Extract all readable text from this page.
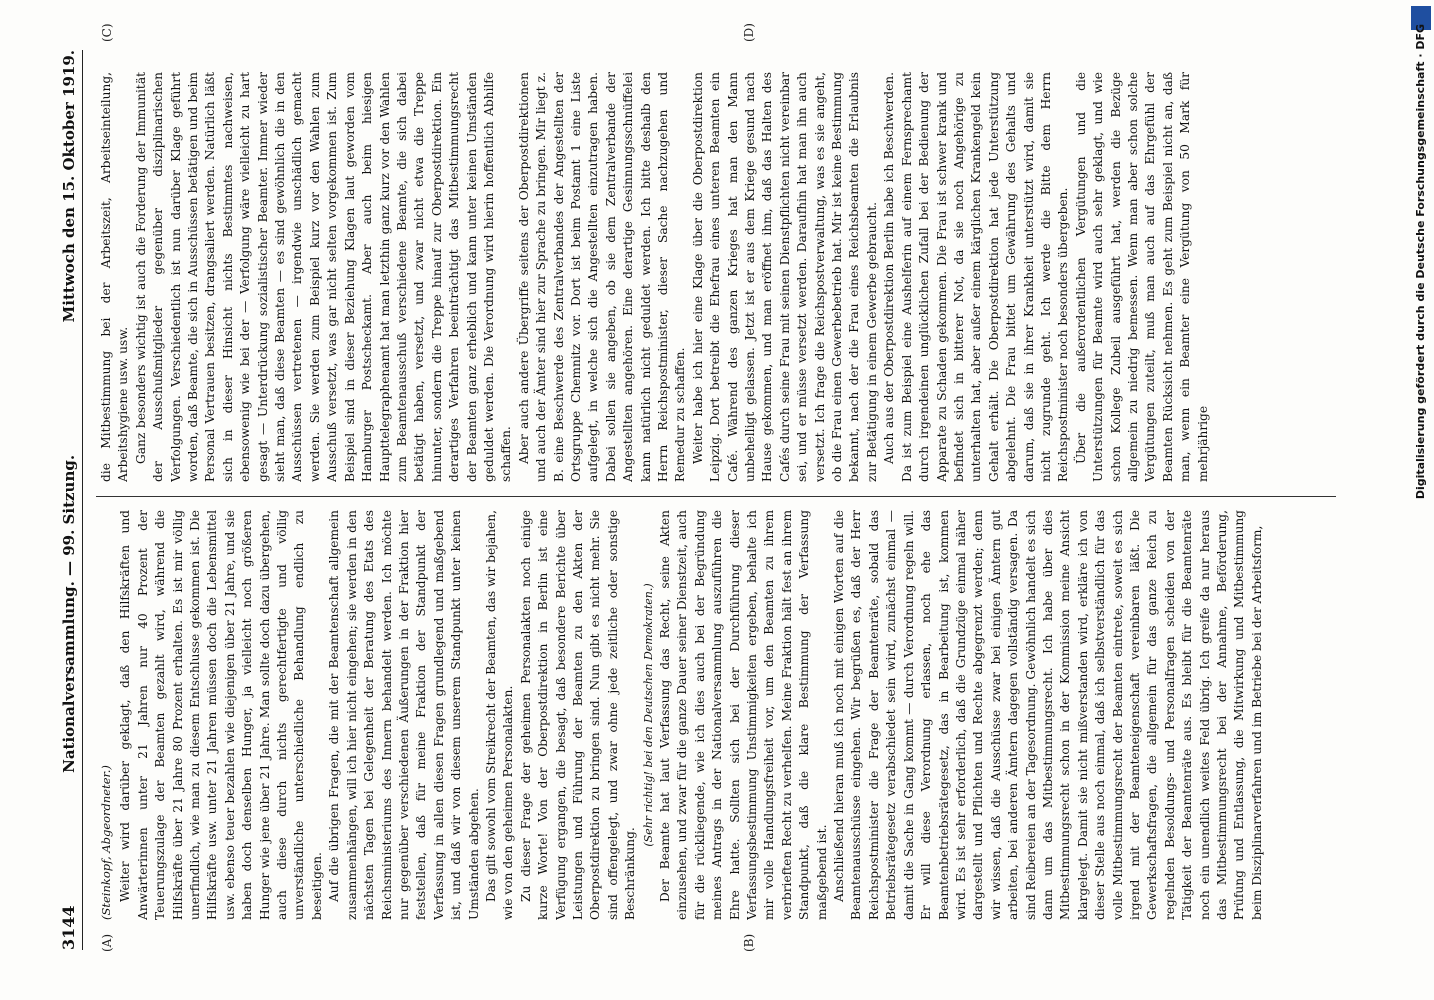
3144
Nationalversammlung. — 99. Sitzung.
Mittwoch den 15. Oktober 1919.
(A)	(B)
(C)	(D)
(Steinkopf, Abgeordneter.) Weiter wird darüber geklagt, daß den Hilfskräften und Anwärterinnen unter 21 Jahren nur 40 Prozent der Teuerungszulage der Beamten gezahlt wird, während die Hilfskräfte über 21 Jahre 80 Prozent erhalten. Es ist mir völlig unerfindlich, wie man zu diesem Entschlusse gekommen ist. Die Hilfskräfte usw. unter 21 Jahren müssen doch die Lebensmittel usw. ebenso teuer bezahlen wie diejenigen über 21 Jahre, und sie haben doch denselben Hunger, ja vielleicht noch größeren Hunger wie jene über 21 Jahre. Man sollte doch dazu übergehen, auch diese durch nichts gerechtfertigte und völlig unverständliche unterschiedliche Behandlung endlich zu beseitigen. Auf die übrigen Fragen, die mit der Beamtenschaft allgemein zusammenhängen, will ich hier nicht eingehen; sie werden in den nächsten Tagen bei Gelegenheit der Beratung des Etats des Reichsministeriums des Innern behandelt werden. Ich möchte nur gegenüber verschiedenen Äußerungen in der Fraktion hier feststellen, daß für meine Fraktion der Standpunkt der Verfassung in allen diesen Fragen grundlegend und maßgebend ist, und daß wir von diesem unserem Standpunkt unter keinen Umständen abgehen. Das gilt sowohl vom Streikrecht der Beamten, das wir bejahen, wie von den geheimen Personalakten. Zu dieser Frage der geheimen Personalakten noch einige kurze Worte! Von der Oberpostdirektion in Berlin ist eine Verfügung ergangen, die besagt, daß besondere Berichte über Leistungen und Führung der Beamten zu den Akten der Oberpostdirektion zu bringen sind. Nun gibt es nicht mehr. Sie sind offengelegt, und zwar ohne jede zeitliche oder sonstige Beschränkung.

(Sehr richtig! bei den Deutschen Demokraten.) Der Beamte hat laut Verfassung das Recht, seine Akten einzusehen, und zwar für die ganze Dauer seiner Dienstzeit, auch für die rückliegende, wie ich dies auch bei der Begründung meines Antrags in der Nationalversammlung auszuführen die Ehre hatte. Sollten sich bei der Durchführung dieser Verfassungsbestimmung Unstimmigkeiten ergeben, behalte ich mir volle Handlungsfreiheit vor, um den Beamten zu ihrem verbrieften Recht zu verhelfen. Meine Fraktion hält fest an ihrem Standpunkt, daß die klare Bestimmung der Verfassung maßgebend ist. Anschließend hieran muß ich noch mit einigen Worten auf die Beamtenausschüsse eingehen. Wir begrüßen es, daß der Herr Reichspostminister die Frage der Beamtenräte, sobald das Betriebsrätegesetz verabschiedet sein wird, zunächst einmal — damit die Sache in Gang kommt — durch Verordnung regeln will. Er will diese Verordnung erlassen, noch ehe das Beamtenbetriebsrätegesetz, das in Bearbeitung ist, kommen wird. Es ist sehr erforderlich, daß die Grundzüge einmal näher dargestellt und Pflichten und Rechte abgegrenzt werden; denn wir wissen, daß die Ausschüsse zwar bei einigen Ämtern gut arbeiten, bei anderen Ämtern dagegen vollständig versagen. Da sind Reibereien an der Tagesordnung. Gewöhnlich handelt es sich dann um das Mitbestimmungsrecht. Ich habe über dies Mitbestimmungsrecht schon in der Kommission meine Ansicht klargelegt. Damit sie nicht mißverstanden wird, erkläre ich von dieser Stelle aus noch einmal, daß ich selbstverständlich für das volle Mitbestimmungsrecht der Beamten eintrete, soweit es sich irgend mit der Beamteneigenschaft vereinbaren läßt. Die Gewerkschaftsfragen, die allgemein für das ganze Reich zu regelnden Besoldungs- und Personalfragen scheiden von der Tätigkeit der Beamtenräte aus. Es bleibt für die Beamtenräte noch ein unendlich weites Feld übrig. Ich greife da nur heraus das Mitbestimmungsrecht bei der Annahme, Beförderung, Prüfung und Entlassung, die Mitwirkung und Mitbestimmung beim Disziplinarverfahren und im Betriebe bei der Arbeitsform,

die Mitbestimmung bei der Arbeitszeit, Arbeitseinteilung, Arbeitshygiene usw. usw. Ganz besonders wichtig ist auch die Forderung der Immunität der Ausschußmitglieder gegenüber disziplinarischen Verfolgungen. Verschiedentlich ist nun darüber Klage geführt worden, daß Beamte, die sich in Ausschüssen betätigen und beim Personal Vertrauen besitzen, drangsaliert werden. Natürlich läßt sich in dieser Hinsicht nichts Bestimmtes nachweisen, ebensowenig wie bei der — Verfolgung wäre vielleicht zu hart gesagt — Unterdrückung sozialistischer Beamter. Immer wieder sieht man, daß diese Beamten — es sind gewöhnlich die in den Ausschüssen vertretenen — irgendwie unschädlich gemacht werden. Sie werden zum Beispiel kurz vor den Wahlen zum Ausschuß versetzt, was gar nicht selten vorgekommen ist. Zum Beispiel sind in dieser Beziehung Klagen laut geworden vom Hamburger Postscheckamt. Aber auch beim hiesigen Haupttelegraphenamt hat man letzthin ganz kurz vor den Wahlen zum Beamtenausschuß verschiedene Beamte, die sich dabei betätigt haben, versetzt, und zwar nicht etwa die Treppe hinunter, sondern die Treppe hinauf zur Oberpostdirektion. Ein derartiges Verfahren beeinträchtigt das Mitbestimmungsrecht der Beamten ganz erheblich und kann unter keinen Umständen geduldet werden. Die Verordnung wird hierin hoffentlich Abhilfe schaffen. Aber auch andere Übergriffe seitens der Oberpostdirektionen und auch der Ämter sind hier zur Sprache zu bringen. Mir liegt z. B. eine Beschwerde des Zentralverbandes der Angestellten der Ortsgruppe Chemnitz vor. Dort ist beim Postamt 1 eine Liste aufgelegt, in welche sich die Angestellten einzutragen haben. Dabei sollen sie angeben, ob sie dem Zentralverbande der Angestellten angehören. Eine derartige Gesinnungsschnüffelei kann natürlich nicht geduldet werden. Ich bitte deshalb den Herrn Reichspostminister, dieser Sache nachzugehen und Remedur zu schaffen. Weiter habe ich hier eine Klage über die Oberpostdirektion Leipzig. Dort betreibt die Ehefrau eines unteren Beamten ein Café. Während des ganzen Krieges hat man den Mann unbehelligt gelassen. Jetzt ist er aus dem Kriege gesund nach Hause gekommen, und man eröffnet ihm, daß das Halten des Cafés durch seine Frau mit seinen Dienstpflichten nicht vereinbar sei, und er müsse versetzt werden. Daraufhin hat man ihn auch versetzt. Ich frage die Reichspostverwaltung, was es sie angeht, ob die Frau einen Gewerbebetrieb hat. Mir ist keine Bestimmung bekannt, nach der die Frau eines Reichsbeamten die Erlaubnis zur Betätigung in einem Gewerbe gebraucht. Auch aus der Oberpostdirektion Berlin habe ich Beschwerden. Da ist zum Beispiel eine Aushelferin auf einem Fernsprechamt durch irgendeinen unglücklichen Zufall bei der Bedienung der Apparate zu Schaden gekommen. Die Frau ist schwer krank und befindet sich in bitterer Not, da sie noch Angehörige zu unterhalten hat, aber außer einem kärglichen Krankengeld kein Gehalt erhält. Die Oberpostdirektion hat jede Unterstützung abgelehnt. Die Frau bittet um Gewährung des Gehalts und darum, daß sie in ihrer Krankheit unterstützt wird, damit sie nicht zugrunde geht. Ich werde die Bitte dem Herrn Reichspostminister noch besonders übergeben. Über die außerordentlichen Vergütungen und die Unterstützungen für Beamte wird auch sehr geklagt, und wie schon Kollege Zubeil ausgeführt hat, werden die Bezüge allgemein zu niedrig bemessen. Wenn man aber schon solche Vergütungen zuteilt, muß man auch auf das Ehrgefühl der Beamten Rücksicht nehmen. Es geht zum Beispiel nicht an, daß man, wenn ein Beamter eine Vergütung von 50 Mark für mehrjährige	Digitalisierung gefördert durch die Deutsche Forschungsgemeinschaft · DFG
